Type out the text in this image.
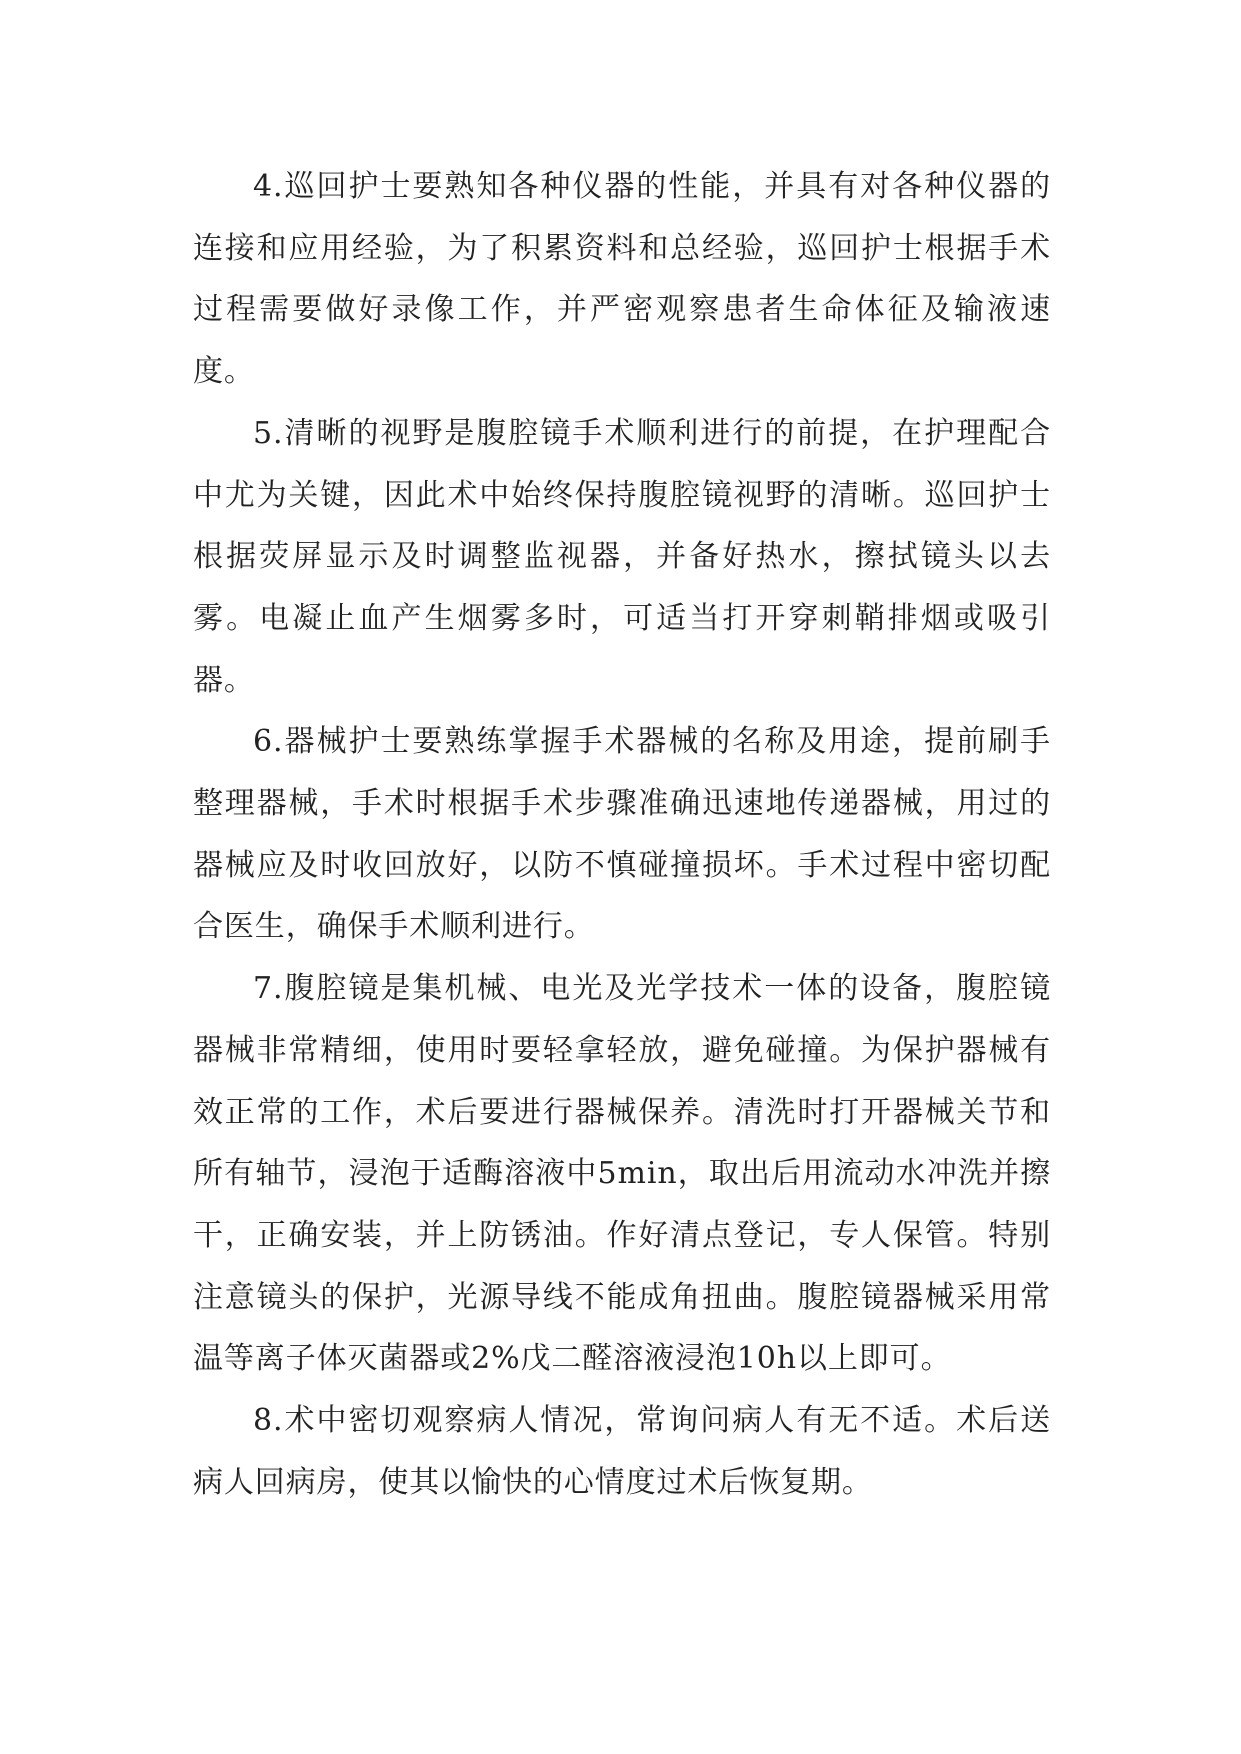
4.巡回护士要熟知各种仪器的性能，并具有对各种仪器的连接和应用经验，为了积累资料和总经验，巡回护士根据手术过程需要做好录像工作，并严密观察患者生命体征及输液速度。

5.清晰的视野是腹腔镜手术顺利进行的前提，在护理配合中尤为关键，因此术中始终保持腹腔镜视野的清晰。巡回护士根据荧屏显示及时调整监视器，并备好热水，擦拭镜头以去雾。电凝止血产生烟雾多时，可适当打开穿刺鞘排烟或吸引器。

6.器械护士要熟练掌握手术器械的名称及用途，提前刷手整理器械，手术时根据手术步骤准确迅速地传递器械，用过的器械应及时收回放好，以防不慎碰撞损坏。手术过程中密切配合医生，确保手术顺利进行。

7.腹腔镜是集机械、电光及光学技术一体的设备，腹腔镜器械非常精细，使用时要轻拿轻放，避免碰撞。为保护器械有效正常的工作，术后要进行器械保养。清洗时打开器械关节和所有轴节，浸泡于适酶溶液中5min，取出后用流动水冲洗并擦干，正确安装，并上防锈油。作好清点登记，专人保管。特别注意镜头的保护，光源导线不能成角扭曲。腹腔镜器械采用常温等离子体灭菌器或2%戊二醛溶液浸泡10h以上即可。

8.术中密切观察病人情况，常询问病人有无不适。术后送病人回病房，使其以愉快的心情度过术后恢复期。
